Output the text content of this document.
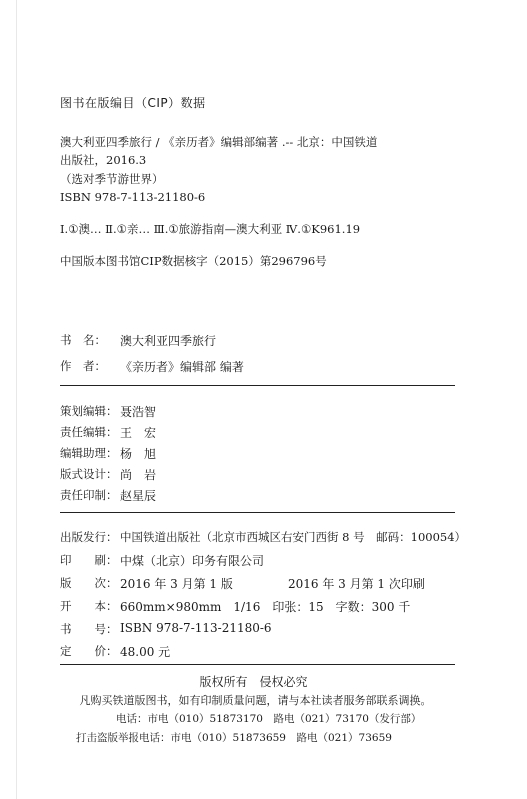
图书在版编目（CIP）数据
澳大利亚四季旅行 / 《亲历者》编辑部编著 .-- 北京：中国铁道
出版社，2016.3
（选对季节游世界）
ISBN 978-7-113-21180-6
Ⅰ.①澳… Ⅱ.①亲… Ⅲ.①旅游指南—澳大利亚 Ⅳ.①K961.19
中国版本图书馆CIP数据核字（2015）第296796号
书　名：	澳大利亚四季旅行
作　者：	《亲历者》编辑部 编著
策划编辑： 聂浩智
责任编辑： 王　宏
编辑助理： 杨　旭
版式设计： 尚　岩
责任印制： 赵星辰
出版发行： 中国铁道出版社（北京市西城区右安门西街 8 号　邮码：100054）
印　　刷： 中煤（北京）印务有限公司
版　　次： 2016 年 3 月第 1 版	2016 年 3 月第 1 次印刷
开　　本： 660mm×980mm　1/16　印张：15　字数：300 千
书　　号： ISBN 978-7-113-21180-6
定　　价： 48.00 元
版权所有　侵权必究
凡购买铁道版图书，如有印制质量问题，请与本社读者服务部联系调换。
电话：市电（010）51873170　路电（021）73170（发行部）
打击盗版举报电话：市电（010）51873659　路电（021）73659
